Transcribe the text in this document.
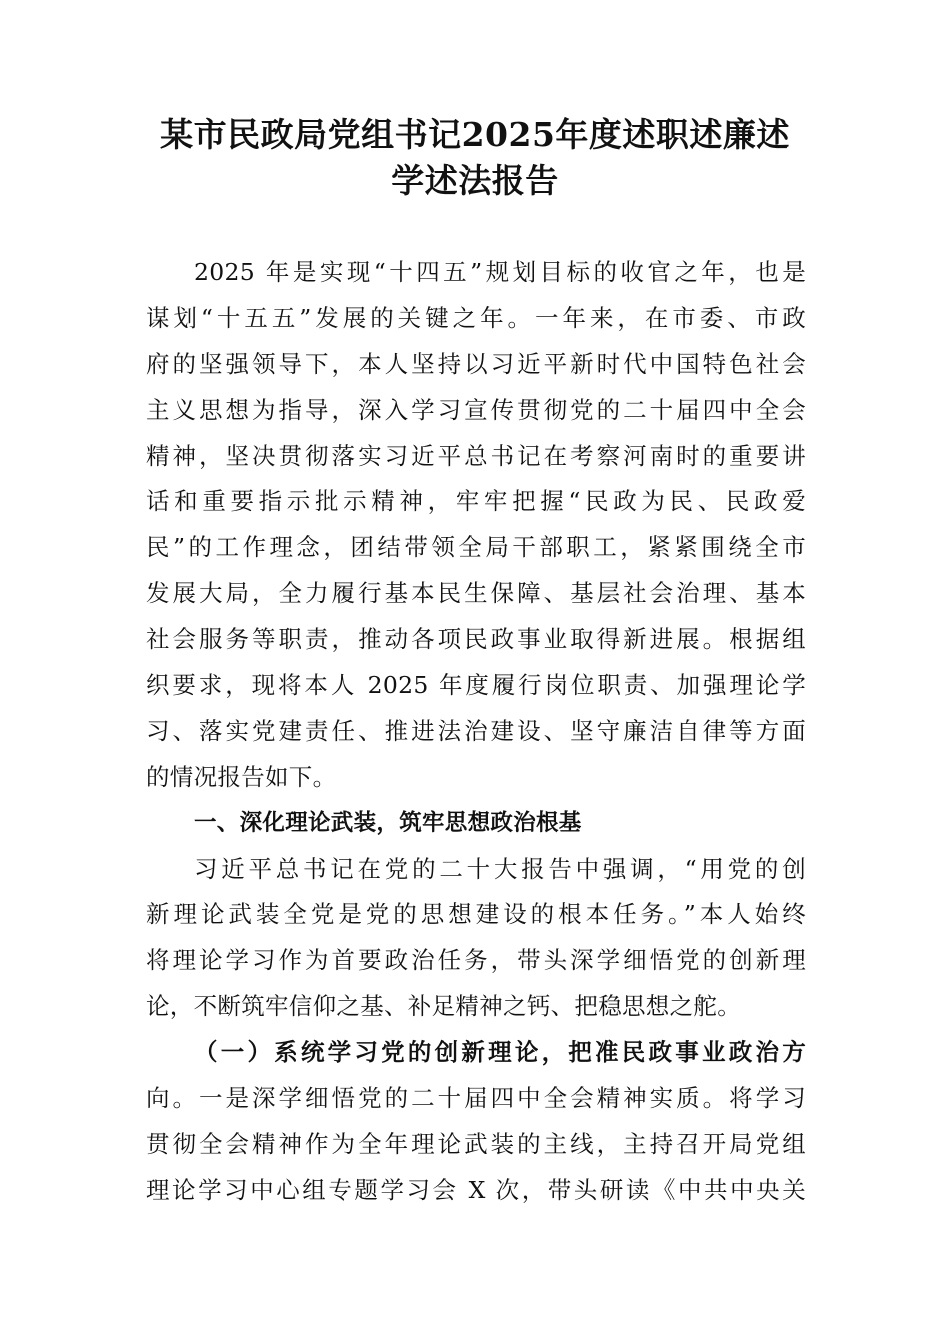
某市民政局党组书记2025年度述职述廉述
学述法报告
2025 年是实现“十四五”规划目标的收官之年，也是
谋划“十五五”发展的关键之年。一年来，在市委、市政
府的坚强领导下，本人坚持以习近平新时代中国特色社会
主义思想为指导，深入学习宣传贯彻党的二十届四中全会
精神，坚决贯彻落实习近平总书记在考察河南时的重要讲
话和重要指示批示精神，牢牢把握“民政为民、民政爱
民”的工作理念，团结带领全局干部职工，紧紧围绕全市
发展大局，全力履行基本民生保障、基层社会治理、基本
社会服务等职责，推动各项民政事业取得新进展。根据组
织要求，现将本人 2025 年度履行岗位职责、加强理论学
习、落实党建责任、推进法治建设、坚守廉洁自律等方面
的情况报告如下。
一、深化理论武装，筑牢思想政治根基
习近平总书记在党的二十大报告中强调，“用党的创
新理论武装全党是党的思想建设的根本任务。”本人始终
将理论学习作为首要政治任务，带头深学细悟党的创新理
论，不断筑牢信仰之基、补足精神之钙、把稳思想之舵。
（一）系统学习党的创新理论，把准民政事业政治方
向。一是深学细悟党的二十届四中全会精神实质。将学习
贯彻全会精神作为全年理论武装的主线，主持召开局党组
理论学习中心组专题学习会 X 次，带头研读《中共中央关
